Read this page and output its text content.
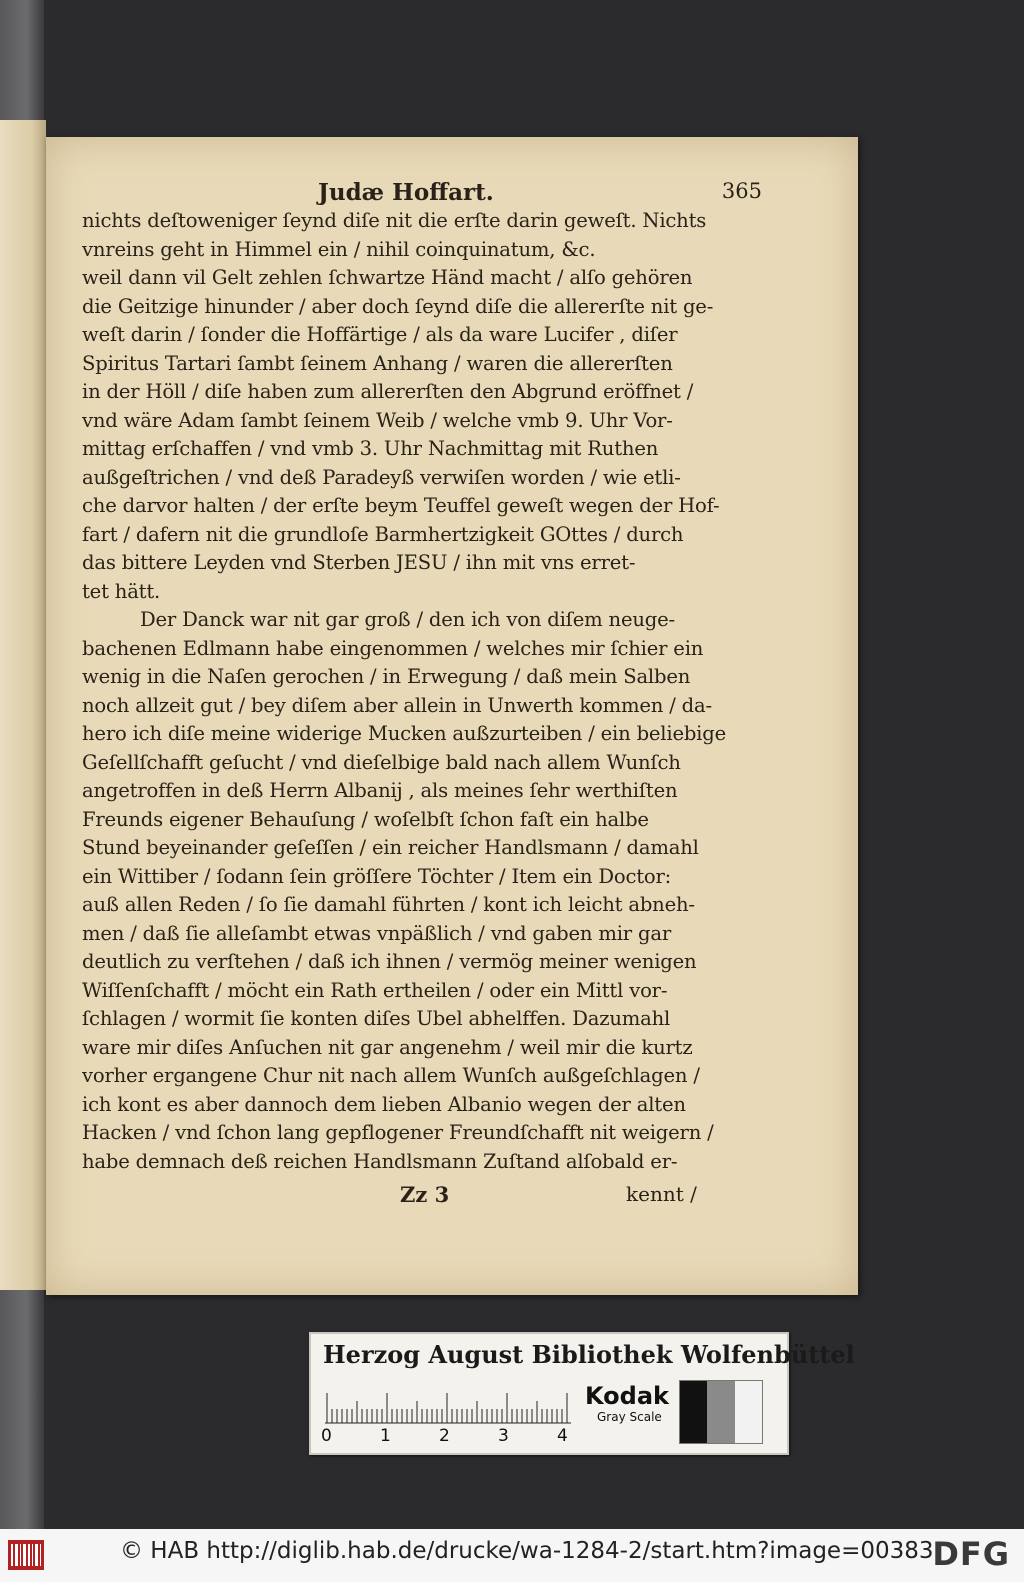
Judæ Hoffart.	365
nichts deſtoweniger ſeynd diſe nit die erſte darin geweſt. Nichts
vnreins geht in Himmel ein / nihil coinquinatum, &c.
weil dann vil Gelt zehlen ſchwartze Händ macht / alſo gehören
die Geitzige hinunder / aber doch ſeynd diſe die allererſte nit ge-
weſt darin / ſonder die Hoffärtige / als da ware Lucifer , diſer
Spiritus Tartari ſambt ſeinem Anhang / waren die allererſten
in der Höll / diſe haben zum allererſten den Abgrund eröffnet /
vnd wäre Adam ſambt ſeinem Weib / welche vmb 9. Uhr Vor-
mittag erſchaffen / vnd vmb 3. Uhr Nachmittag mit Ruthen
außgeſtrichen / vnd deß Paradeyß verwiſen worden / wie etli-
che darvor halten / der erſte beym Teuffel geweſt wegen der Hof-
fart / dafern nit die grundloſe Barmhertzigkeit GOttes / durch
das bittere Leyden vnd Sterben JESU / ihn mit vns erret-
tet hätt.
Der Danck war nit gar groß / den ich von diſem neuge-
bachenen Edlmann habe eingenommen / welches mir ſchier ein
wenig in die Naſen gerochen / in Erwegung / daß mein Salben
noch allzeit gut / bey diſem aber allein in Unwerth kommen / da-
hero ich diſe meine widerige Mucken außzurteiben / ein beliebige
Geſellſchafft geſucht / vnd dieſelbige bald nach allem Wunſch
angetroffen in deß Herrn Albanij , als meines ſehr werthiſten
Freunds eigener Behauſung / woſelbſt ſchon faſt ein halbe
Stund beyeinander geſeſſen / ein reicher Handlsmann / damahl
ein Wittiber / ſodann ſein gröſſere Töchter / Item ein Doctor:
auß allen Reden / ſo ſie damahl führten / kont ich leicht abneh-
men / daß ſie alleſambt etwas vnpäßlich / vnd gaben mir gar
deutlich zu verſtehen / daß ich ihnen / vermög meiner wenigen
Wiſſenſchafft / möcht ein Rath ertheilen / oder ein Mittl vor-
ſchlagen / wormit ſie konten diſes Ubel abhelffen. Dazumahl
ware mir diſes Anſuchen nit gar angenehm / weil mir die kurtz
vorher ergangene Chur nit nach allem Wunſch außgeſchlagen /
ich kont es aber dannoch dem lieben Albanio wegen der alten
Hacken / vnd ſchon lang gepflogener Freundſchafft nit weigern /
habe demnach deß reichen Handlsmann Zuſtand alſobald er-
Zz 3	kennt /
Herzog August Bibliothek Wolfenbüttel
0	1	2	3	4
Kodak
Gray Scale
© HAB http://diglib.hab.de/drucke/wa-1284-2/start.htm?image=00383
DFG
